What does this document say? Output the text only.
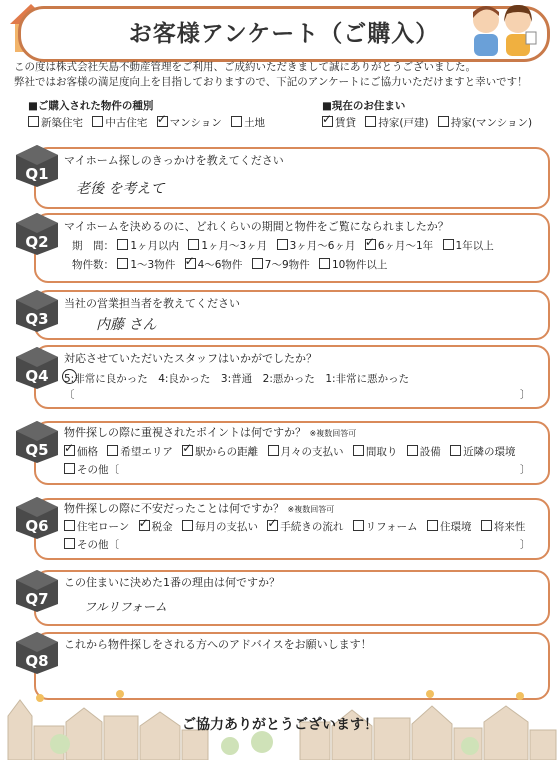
お客様アンケート（ご購入）
この度は株式会社矢島不動産管理をご利用、ご成約いただきまして誠にありがとうございました。
弊社ではお客様の満足度向上を目指しておりますので、下記のアンケートにご協力いただけますと幸いです！
■ご購入された物件の種別
新築住宅 中古住宅 ✓ マンション 土地
■現在のお住まい
✓賃貸 持家(戸建) 持家(マンション)
Q1
マイホーム探しのきっかけを教えてください
老後 を考えて
Q2
マイホームを決めるのに、どれくらいの期間と物件をご覧になられましたか？
期　間： 1ヶ月以内 1ヶ月～3ヶ月 3ヶ月～6ヶ月 ✓ 6ヶ月～1年 1年以上
物件数： 1～3物件 ✓ 4～6物件 7～9物件 10物件以上
Q3
当社の営業担当者を教えてください
内藤 さん
Q4
対応させていただいたスタッフはいかがでしたか？
5:非常に良かった　4:良かった　3:普通　2:悪かった　1:非常に悪かった
〔	〕
Q5
物件探しの際に重視されたポイントは何ですか？ ※複数回答可
✓価格 希望エリア ✓ 駅からの距離 月々の支払い 間取り 設備 近隣の環境
その他〔	〕
Q6
物件探しの際に不安だったことは何ですか？ ※複数回答可
住宅ローン ✓ 税金 毎月の支払い ✓ 手続きの流れ リフォーム 住環境 将来性
その他〔	〕
Q7
この住まいに決めた1番の理由は何ですか？
フルリフォーム
Q8
これから物件探しをされる方へのアドバイスをお願いします！
ご協力ありがとうございます！
